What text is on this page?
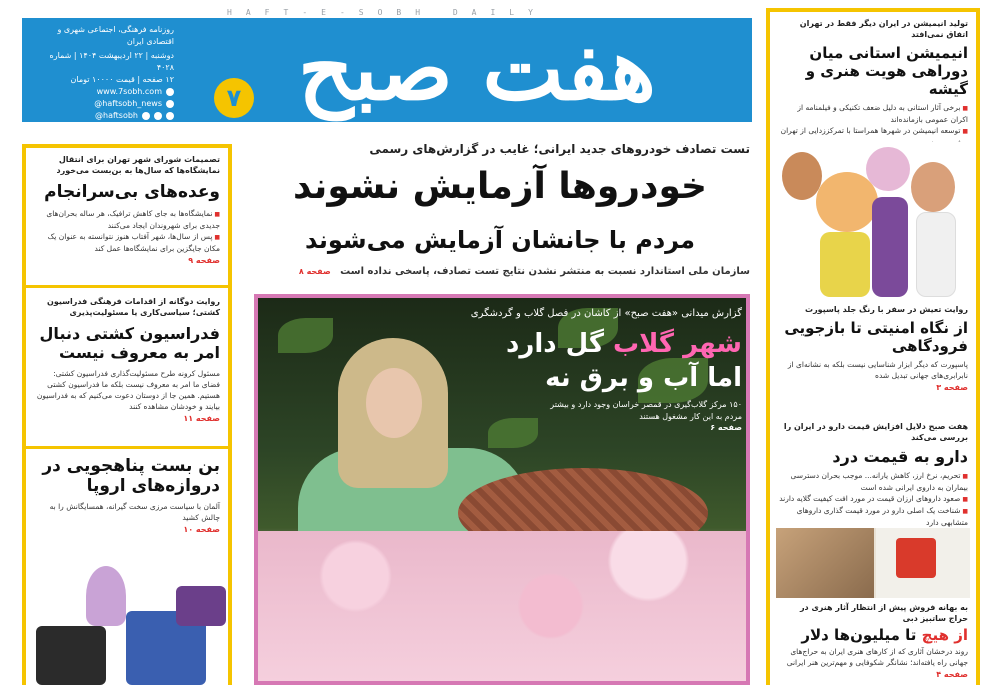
HAFT-E-SOBH DAILY
روزنامه فرهنگی، اجتماعی شهری و اقتصادی ایران
دوشنبه | ۲۲ اردیبهشت ۱۴۰۴ | شماره ۴۰۲۸
۱۲ صفحه | قیمت ۱۰۰۰۰ تومان
www.7sobh.com
@haftsobh_news
@haftsobh	هفت صبح
۷
تست تصادف خودروهای جدید ایرانی؛ غایب در گزارش‌های رسمی
خودروها آزمایش نشوند
مردم با جانشان آزمایش می‌شوند
سازمان ملی استاندارد نسبت به منتشر نشدن نتایج تست تصادف، پاسخی نداده است صفحه ۸
گزارش میدانی «هفت صبح» از کاشان در فصل گلاب و گردشگری
شهر گلاب گل دارد
اما آب و برق نه
۱۵۰ مرکز گلاب‌گیری در قمصر خراسان وجود دارد و بیشتر مردم به این کار مشغول هستند
صفحه ۶
تصمیمات شورای شهر تهران برای انتقال نمایشگاه‌ها که سال‌ها به بن‌بست می‌خورد
وعده‌های بی‌سرانجام
■ نمایشگاه‌ها به جای کاهش ترافیک، هر ساله بحران‌های جدیدی برای شهروندان ایجاد می‌کنند
■ پس از سال‌ها، شهر آفتاب هنوز نتوانسته به عنوان یک مکان جایگزین برای نمایشگاه‌ها عمل کند
صفحه ۹
روایت دوگانه از اقدامات فرهنگی فدراسیون کشتی؛ سیاسی‌کاری یا مسئولیت‌پذیری
فدراسیون کشتی دنبال امر به معروف نیست
مسئول کرونه طرح مسئولیت‌گذاری فدراسیون کشتی: فضای ما امر به معروف نیست بلکه ما فدراسیون کشتی هستیم. همین جا از دوستان دعوت می‌کنیم که به فدراسیون بیایند و خودشان مشاهده کنند
صفحه ۱۱
بن بست پناهجویی در دروازه‌های اروپا
آلمان با سیاست مرزی سخت گیرانه، همسایگانش را به چالش کشید
صفحه ۱۰
تولید انیمیشن در ایران دیگر فقط در تهران اتفاق نمی‌افتد
انیمیشن استانی میان دوراهی هویت هنری و گیشه
■ برخی آثار استانی به دلیل ضعف تکنیکی و فیلمنامه از اکران عمومی بازمانده‌اند
■ توسعه انیمیشن در شهرها همراستا با تمرکززدایی از تهران
روایت تعیش در سفر با رنگ جلد پاسپورت
از نگاه امنیتی تا بازجویی فرودگاهی
پاسپورت که دیگر ابزار شناسایی نیست بلکه به نشانه‌ای از نابرابری‌های جهانی تبدیل شده
صفحه ۳
هفت صبح دلایل افزایش قیمت دارو در ایران را بررسی می‌کند
دارو به قیمت درد
■ تحریم، نرخ ارز، کاهش یارانه... موجب بحران دسترسی بیماران به داروی ایرانی شده است
■ صعود داروهای ارزان قیمت در مورد افت کیفیت گلایه دارند
■ شناخت یک اصلی دارو در مورد قیمت گذاری داروهای متشابهی دارد
به بهانه فروش پیش از انتظار آثار هنری در حراج ساتبیز دبی
از هیچ تا میلیون‌ها دلار
روند درخشان آثاری که از کارهای هنری ایران به حراج‌های جهانی راه یافته‌اند؛ نشانگر شکوفایی و مهم‌ترین هنر ایرانی
صفحه ۴
